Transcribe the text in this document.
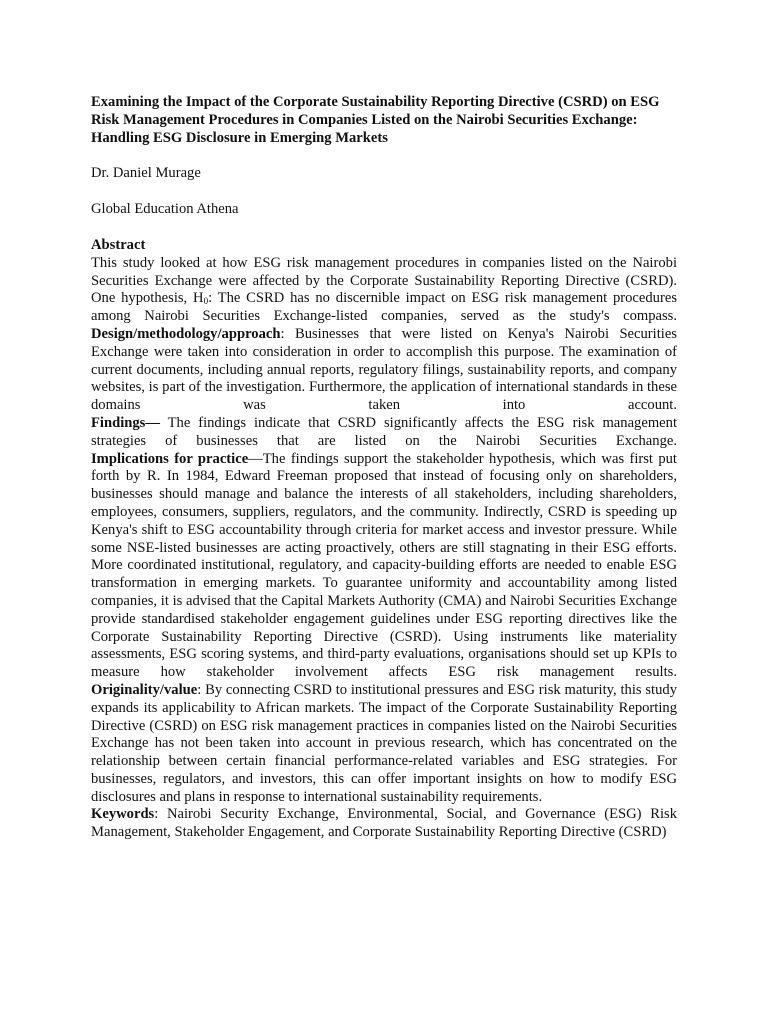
Examining the Impact of the Corporate Sustainability Reporting Directive (CSRD) on ESG Risk Management Procedures in Companies Listed on the Nairobi Securities Exchange: Handling ESG Disclosure in Emerging Markets
Dr. Daniel Murage
Global Education Athena
Abstract

This study looked at how ESG risk management procedures in companies listed on the Nairobi Securities Exchange were affected by the Corporate Sustainability Reporting Directive (CSRD). One hypothesis, $H_0$: The CSRD has no discernible impact on ESG risk management procedures among Nairobi Securities Exchange-listed companies, served as the study's compass.

Design/methodology/approach: Businesses that were listed on Kenya's Nairobi Securities Exchange were taken into consideration in order to accomplish this purpose. The examination of current documents, including annual reports, regulatory filings, sustainability reports, and company websites, is part of the investigation. Furthermore, the application of international standards in these domains was taken into account.

Findings— The findings indicate that CSRD significantly affects the ESG risk management strategies of businesses that are listed on the Nairobi Securities Exchange.

Implications for practice—The findings support the stakeholder hypothesis, which was first put forth by R. In 1984, Edward Freeman proposed that instead of focusing only on shareholders, businesses should manage and balance the interests of all stakeholders, including shareholders, employees, consumers, suppliers, regulators, and the community. Indirectly, CSRD is speeding up Kenya's shift to ESG accountability through criteria for market access and investor pressure. While some NSE-listed businesses are acting proactively, others are still stagnating in their ESG efforts. More coordinated institutional, regulatory, and capacity-building efforts are needed to enable ESG transformation in emerging markets. To guarantee uniformity and accountability among listed companies, it is advised that the Capital Markets Authority (CMA) and Nairobi Securities Exchange provide standardised stakeholder engagement guidelines under ESG reporting directives like the Corporate Sustainability Reporting Directive (CSRD). Using instruments like materiality assessments, ESG scoring systems, and third-party evaluations, organisations should set up KPIs to measure how stakeholder involvement affects ESG risk management results.

Originality/value: By connecting CSRD to institutional pressures and ESG risk maturity, this study expands its applicability to African markets. The impact of the Corporate Sustainability Reporting Directive (CSRD) on ESG risk management practices in companies listed on the Nairobi Securities Exchange has not been taken into account in previous research, which has concentrated on the relationship between certain financial performance-related variables and ESG strategies. For businesses, regulators, and investors, this can offer important insights on how to modify ESG disclosures and plans in response to international sustainability requirements.

Keywords: Nairobi Security Exchange, Environmental, Social, and Governance (ESG) Risk Management, Stakeholder Engagement, and Corporate Sustainability Reporting Directive (CSRD)
